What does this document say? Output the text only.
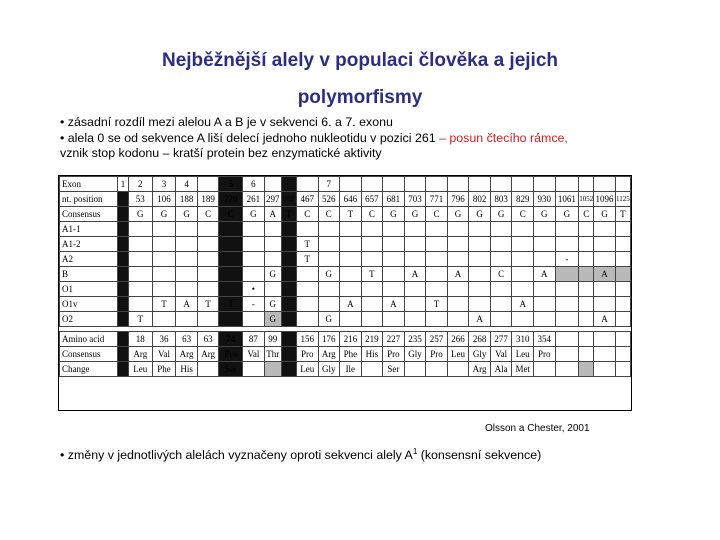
Nejběžnější alely v populaci člověka a jejich
polymorfismy

• zásadní rozdíl mezi alelou A a B je v sekvenci 6. a 7. exonu

• alela 0 se od sekvence A liší delecí jednoho nukleotidu v pozici 261 – posun čtecího rámce,

vznik stop kodonu – kratší protein bez enzymatické aktivity

Exon	1	2	3	4		5	6				7														
nt. position		53	106	188	189	220	261	297	332	467	526	646	657	681	703	771	796	802	803	829	930	1061	1052	1096	1125
Consensus		G	G	G	C	C	G	A	T	C	C	T	C	G	G	C	G	G	G	C	G	G	C	G	T
A1-1																									
A1-2										T															
A2										T												-			
B								G			G		T		A		A		C		A			A	
O1							•																		
O1v			T	A	T	T	-	G				A		A		T				A					
O2		T						G			G							A						A	

Amino acid		18	36	63	63	74	87	99		156	176	216	219	227	235	257	266	268	277	310	354				
Consensus		Arg	Val	Arg	Arg	Pro	Val	Thr		Pro	Arg	Phe	His	Pro	Gly	Pro	Leu	Gly	Val	Leu	Pro				
Change		Leu	Phe	His		Ser				Leu	Gly	Ile		Ser				Arg	Ala	Met					
Olsson a Chester, 2001
• změny v jednotlivých alelách vyznačeny oproti sekvenci alely $A^1$ (konsensní sekvence)
